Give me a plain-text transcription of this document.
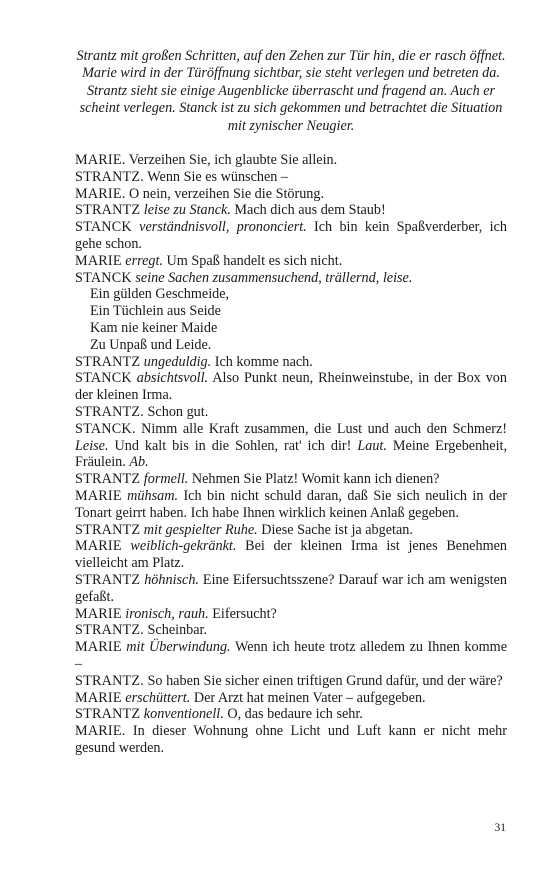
Strantz mit großen Schritten, auf den Zehen zur Tür hin, die er rasch öffnet.

Marie wird in der Türöffnung sichtbar, sie steht verlegen und betreten da. Strantz sieht sie einige Augenblicke überrascht und fragend an. Auch er scheint verlegen. Stanck ist zu sich gekommen und betrachtet die Situation mit zynischer Neugier.

MARIE. Verzeihen Sie, ich glaubte Sie allein.

STRANTZ. Wenn Sie es wünschen –

MARIE. O nein, verzeihen Sie die Störung.

STRANTZ leise zu Stanck. Mach dich aus dem Staub!

STANCK verständnisvoll, prononciert. Ich bin kein Spaßverderber, ich gehe schon.

MARIE erregt. Um Spaß handelt es sich nicht.

STANCK seine Sachen zusammensuchend, trällernd, leise.

Ein gülden Geschmeide,

Ein Tüchlein aus Seide

Kam nie keiner Maide

Zu Unpaß und Leide.

STRANTZ ungeduldig. Ich komme nach.

STANCK absichtsvoll. Also Punkt neun, Rheinweinstube, in der Box von der kleinen Irma.

STRANTZ. Schon gut.

STANCK. Nimm alle Kraft zusammen, die Lust und auch den Schmerz! Leise. Und kalt bis in die Sohlen, rat' ich dir! Laut. Meine Ergebenheit, Fräulein. Ab.

STRANTZ formell. Nehmen Sie Platz! Womit kann ich dienen?

MARIE mühsam. Ich bin nicht schuld daran, daß Sie sich neulich in der Tonart geirrt haben. Ich habe Ihnen wirklich keinen Anlaß gegeben.

STRANTZ mit gespielter Ruhe. Diese Sache ist ja abgetan.

MARIE weiblich-gekränkt. Bei der kleinen Irma ist jenes Benehmen vielleicht am Platz.

STRANTZ höhnisch. Eine Eifersuchtsszene? Darauf war ich am wenigsten gefaßt.

MARIE ironisch, rauh. Eifersucht?

STRANTZ. Scheinbar.

MARIE mit Überwindung. Wenn ich heute trotz alledem zu Ihnen komme –

STRANTZ. So haben Sie sicher einen triftigen Grund dafür, und der wäre?

MARIE erschüttert. Der Arzt hat meinen Vater – aufgegeben.

STRANTZ konventionell. O, das bedaure ich sehr.

MARIE. In dieser Wohnung ohne Licht und Luft kann er nicht mehr gesund werden.

31
